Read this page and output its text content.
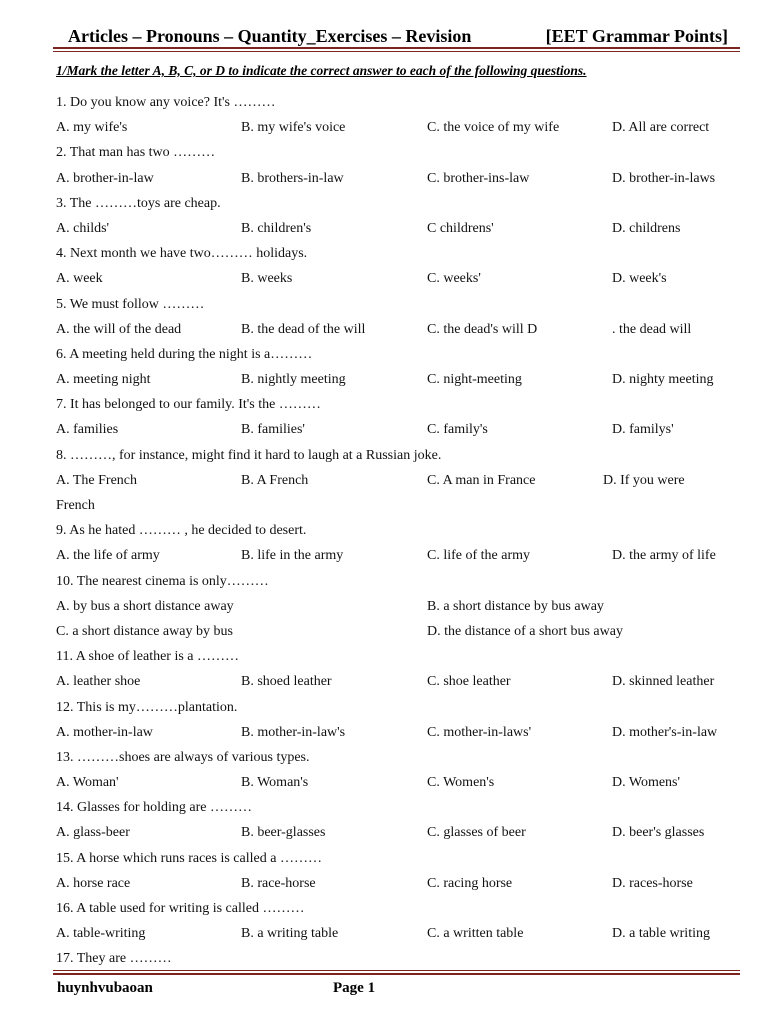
Articles – Pronouns – Quantity_Exercises – Revision	[EET Grammar Points]
1/Mark the letter A, B, C, or D to indicate the correct answer to each of the following questions.
1. Do you know any voice? It's ………
A. my wife's	B. my wife's voice	C. the voice of my wife	D. All are correct
2. That man has two ………
A. brother-in-law	B. brothers-in-law	C. brother-ins-law	D. brother-in-laws
3. The ………toys are cheap.
A. childs'	B. children's	C childrens'	D. childrens
4. Next month we have two……… holidays.
A. week	B. weeks	C. weeks'	D. week's
5. We must follow ………
A. the will of the dead	B. the dead of the will	C. the dead's will D	. the dead will
6. A meeting held during the night is a………
A. meeting night	B. nightly meeting	C. night-meeting	D. nighty meeting
7. It has belonged to our family. It's the ………
A. families	B. families'	C. family's	D. familys'
8. ………, for instance, might find it hard to laugh at a Russian joke.
A. The French	B. A French	C. A man in France	D. If you were
French
9. As he hated ……… , he decided to desert.
A. the life of army	B. life in the army	C. life of the army	D. the army of life
10. The nearest cinema is only………
A. by bus a short distance away	B. a short distance by bus away
C. a short distance away by bus	D. the distance of a short bus away
11. A shoe of leather is a ………
A. leather shoe	B. shoed leather	C. shoe leather	D. skinned leather
12. This is my………plantation.
A. mother-in-law	B. mother-in-law's	C. mother-in-laws'	D. mother's-in-law
13. ………shoes are always of various types.
A. Woman'	B. Woman's	C. Women's	D. Womens'
14. Glasses for holding are ………
A. glass-beer	B. beer-glasses	C. glasses of beer	D. beer's glasses
15. A horse which runs races is called a ………
A. horse race	B. race-horse	C. racing horse	D. races-horse
16. A table used for writing is called ………
A. table-writing	B. a writing table	C. a written table	D. a table writing
17. They are ………
huynhvubaoan	Page 1
